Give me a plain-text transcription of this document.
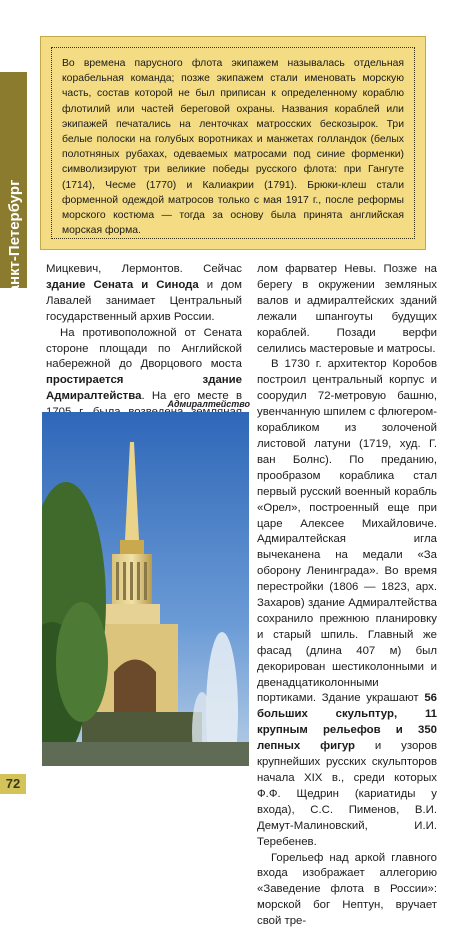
Санкт-Петербург
72
Во времена парусного флота экипажем называлась отдельная корабельная команда; позже экипажем стали именовать морскую часть, состав которой не был приписан к определенному кораблю флотилий или частей береговой охраны. Названия кораблей или экипажей печатались на ленточках матросских бескозырок. Три белые полоски на голубых воротниках и манжетах голландок (белых полотняных рубахах, одеваемых матросами под синие форменки) символизируют три великие победы русского флота: при Гангуте (1714), Чесме (1770) и Калиакрии (1791). Брюки-клеш стали форменной одеждой матросов только с мая 1917 г., после реформы морского костюма — тогда за основу была принята английская морская форма.

Мицкевич, Лермонтов. Сейчас здание Сената и Синода и дом Лавалей занимает Центральный государственный архив России.

На противоположной от Сената стороне площади по Английской набережной до Дворцового моста простирается	здание Адмиралтейства. На его месте в

Адмиралтейство

лом фарватер Невы. Позже на берегу в окружении земляных валов и адмиралтейских зданий лежали шпангоуты будущих кораблей. Позади верфи селились мастеровые и матросы.

В 1730 г. архитектор Коробов построил центральный корпус и соорудил 72-метровую башню, увенчанную шпилем с флюгером-корабликом из золоченой листовой латуни (1719, худ. Г. ван Болнс). По преданию, прообразом кораблика стал первый русский военный корабль «Орел», построенный еще при царе Алексее Михайловиче. Адмиралтейская игла вычеканена на медали «За оборону Ленинграда». Во время перестройки (1806 — 1823, арх. Захаров) здание Адмиралтейства сохранило прежнюю планировку и старый шпиль. Главный же фасад (длина 407 м) был декорирован шестиколонными и двенадцатиколонными портиками. Здание украшают 56 больших скульптур, 11 крупным рельефов и 350 лепных фигур и узоров крупнейших русских скульпторов начала XIX в., среди которых Ф.Ф. Щедрин (кариатиды у входа), С.С. Пименов, В.И. Демут-Малиновский, И.И. Теребенев.

Горельеф над аркой главного входа изображает аллегорию «Заведение флота в России»: морской бог Нептун, вручает свой тре-
